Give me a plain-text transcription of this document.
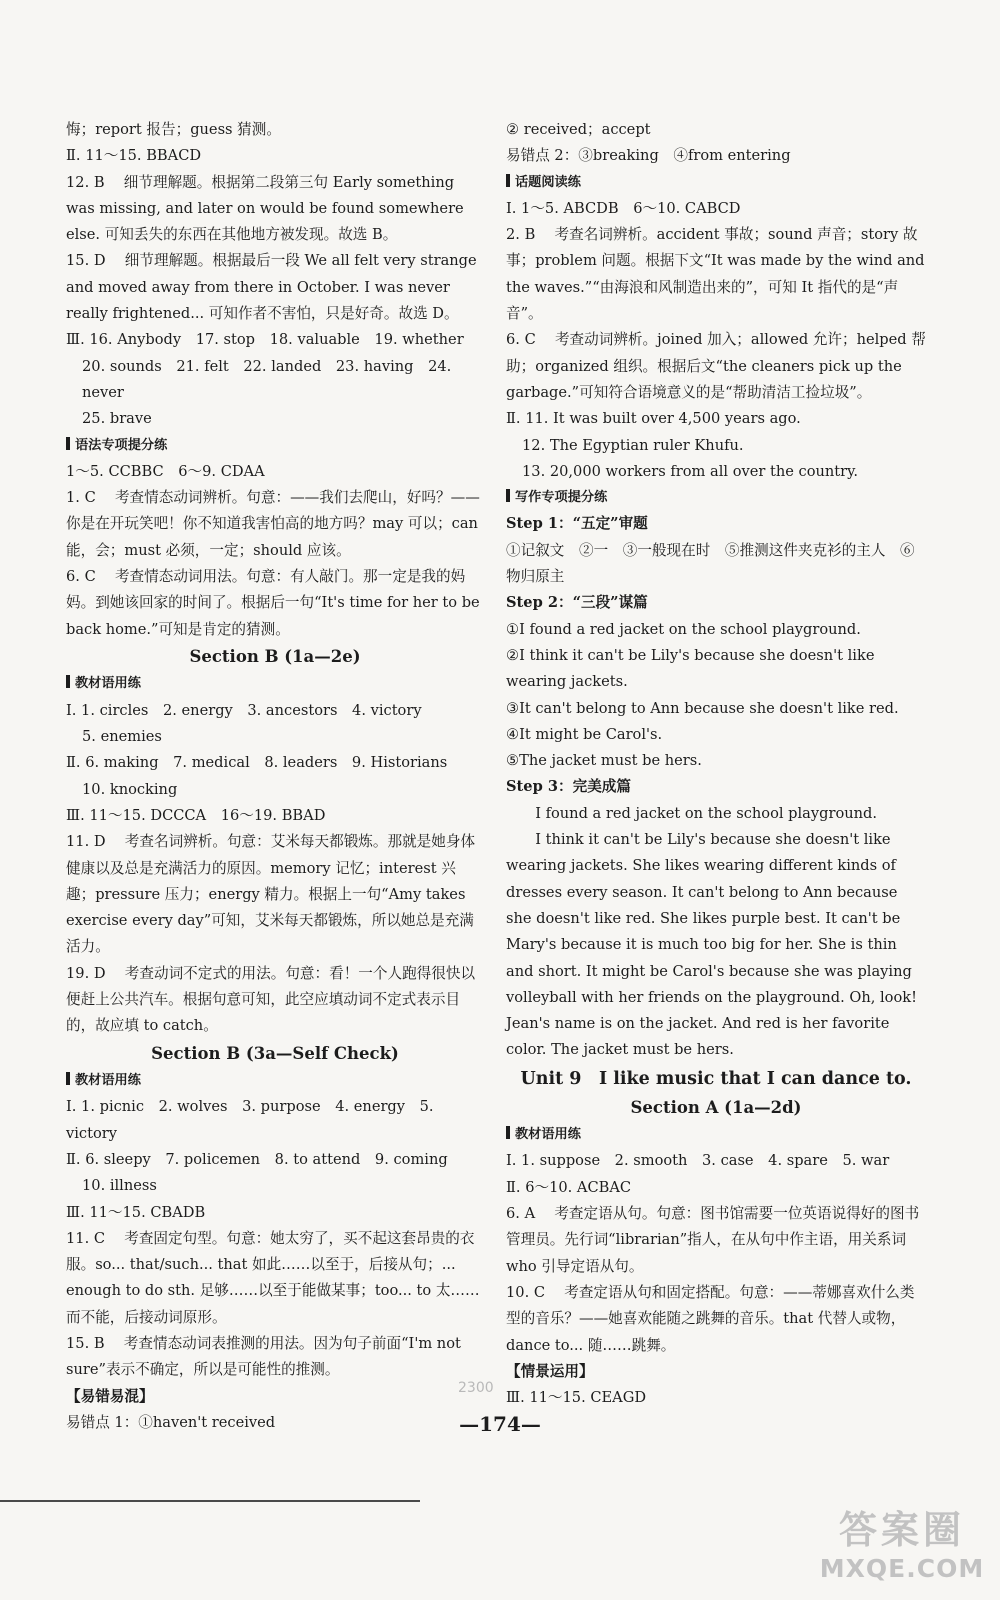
悔；report 报告；guess 猜测。

Ⅱ. 11～15. BBACD

12. B　 细节理解题。根据第二段第三句 Early something was missing, and later on would be found somewhere else. 可知丢失的东西在其他地方被发现。故选 B。

15. D　 细节理解题。根据最后一段 We all felt very strange and moved away from there in October. I was never really frightened... 可知作者不害怕，只是好奇。故选 D。

Ⅲ. 16. Anybody　17. stop　18. valuable　19. whether

20. sounds　21. felt　22. landed　23. having　24. never

25. brave

语法专项提分练

1～5. CCBBC　6～9. CDAA

1. C　 考查情态动词辨析。句意：——我们去爬山，好吗？——你是在开玩笑吧！你不知道我害怕高的地方吗？may 可以；can 能，会；must 必须，一定；should 应该。

6. C　 考查情态动词用法。句意：有人敲门。那一定是我的妈妈。到她该回家的时间了。根据后一句“It's time for her to be back home.”可知是肯定的猜测。

Section B (1a—2e)

教材语用练

Ⅰ. 1. circles　2. energy　3. ancestors　4. victory

5. enemies

Ⅱ. 6. making　7. medical　8. leaders　9. Historians

10. knocking

Ⅲ. 11～15. DCCCA　16～19. BBAD

11. D　 考查名词辨析。句意：艾米每天都锻炼。那就是她身体健康以及总是充满活力的原因。memory 记忆；interest 兴趣；pressure 压力；energy 精力。根据上一句“Amy takes exercise every day”可知，艾米每天都锻炼，所以她总是充满活力。

19. D　 考查动词不定式的用法。句意：看！一个人跑得很快以便赶上公共汽车。根据句意可知，此空应填动词不定式表示目的，故应填 to catch。

Section B (3a—Self Check)

教材语用练

Ⅰ. 1. picnic　2. wolves　3. purpose　4. energy　5. victory

Ⅱ. 6. sleepy　7. policemen　8. to attend　9. coming

10. illness

Ⅲ. 11～15. CBADB

11. C　 考查固定句型。句意：她太穷了，买不起这套昂贵的衣服。so... that/such... that 如此……以至于，后接从句；... enough to do sth. 足够……以至于能做某事；too... to 太……而不能，后接动词原形。

15. B　 考查情态动词表推测的用法。因为句子前面“I'm not sure”表示不确定，所以是可能性的推测。

【易错易混】

易错点 1：①haven't received

② received；accept

易错点 2：③breaking　④from entering

话题阅读练

Ⅰ. 1～5. ABCDB　6～10. CABCD

2. B　 考查名词辨析。accident 事故；sound 声音；story 故事；problem 问题。根据下文“It was made by the wind and the waves.”“由海浪和风制造出来的”，可知 It 指代的是“声音”。

6. C　 考查动词辨析。joined 加入；allowed 允许；helped 帮助；organized 组织。根据后文“the cleaners pick up the garbage.”可知符合语境意义的是“帮助清洁工捡垃圾”。

Ⅱ. 11. It was built over 4,500 years ago.

12. The Egyptian ruler Khufu.

13. 20,000 workers from all over the country.

写作专项提分练

Step 1：“五定”审题

①记叙文　②一　③一般现在时　⑤推测这件夹克衫的主人　⑥物归原主

Step 2：“三段”谋篇

①I found a red jacket on the school playground.

②I think it can't be Lily's because she doesn't like wearing jackets.

③It can't belong to Ann because she doesn't like red.

④It might be Carol's.

⑤The jacket must be hers.

Step 3：完美成篇

I found a red jacket on the school playground.

I think it can't be Lily's because she doesn't like wearing jackets. She likes wearing different kinds of dresses every season. It can't belong to Ann because she doesn't like red. She likes purple best. It can't be Mary's because it is much too big for her. She is thin and short. It might be Carol's because she was playing volleyball with her friends on the playground. Oh, look! Jean's name is on the jacket. And red is her favorite color. The jacket must be hers.

Unit 9　I like music that I can dance to.

Section A (1a—2d)

教材语用练

Ⅰ. 1. suppose　2. smooth　3. case　4. spare　5. war

Ⅱ. 6～10. ACBAC

6. A　 考查定语从句。句意：图书馆需要一位英语说得好的图书管理员。先行词“librarian”指人，在从句中作主语，用关系词 who 引导定语从句。

10. C　 考查定语从句和固定搭配。句意：——蒂娜喜欢什么类型的音乐？——她喜欢能随之跳舞的音乐。that 代替人或物，dance to... 随……跳舞。

【情景运用】

Ⅲ. 11～15. CEAGD

2300
—174—
答案圈
MXQE.COM
